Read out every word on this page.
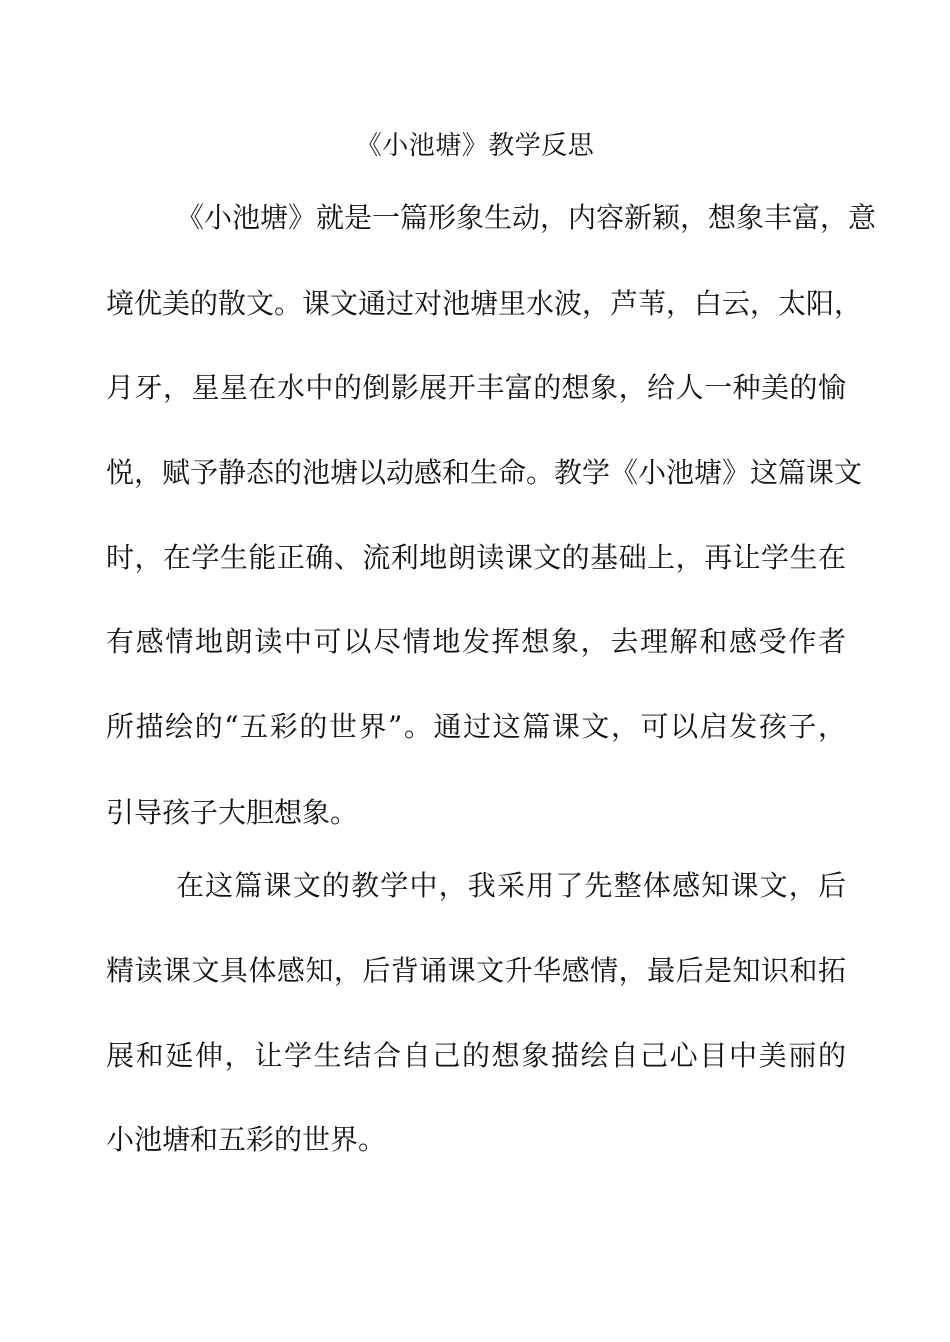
《小池塘》教学反思
《小池塘》就是一篇形象生动，内容新颖，想象丰富，意
境优美的散文。课文通过对池塘里水波，芦苇，白云，太阳，
月牙，星星在水中的倒影展开丰富的想象，给人一种美的愉
悦，赋予静态的池塘以动感和生命。教学《小池塘》这篇课文
时，在学生能正确、流利地朗读课文的基础上，再让学生在
有感情地朗读中可以尽情地发挥想象，去理解和感受作者
所描绘的“五彩的世界”。通过这篇课文，可以启发孩子，
引导孩子大胆想象。
在这篇课文的教学中，我采用了先整体感知课文，后
精读课文具体感知，后背诵课文升华感情，最后是知识和拓
展和延伸，让学生结合自己的想象描绘自己心目中美丽的
小池塘和五彩的世界。
